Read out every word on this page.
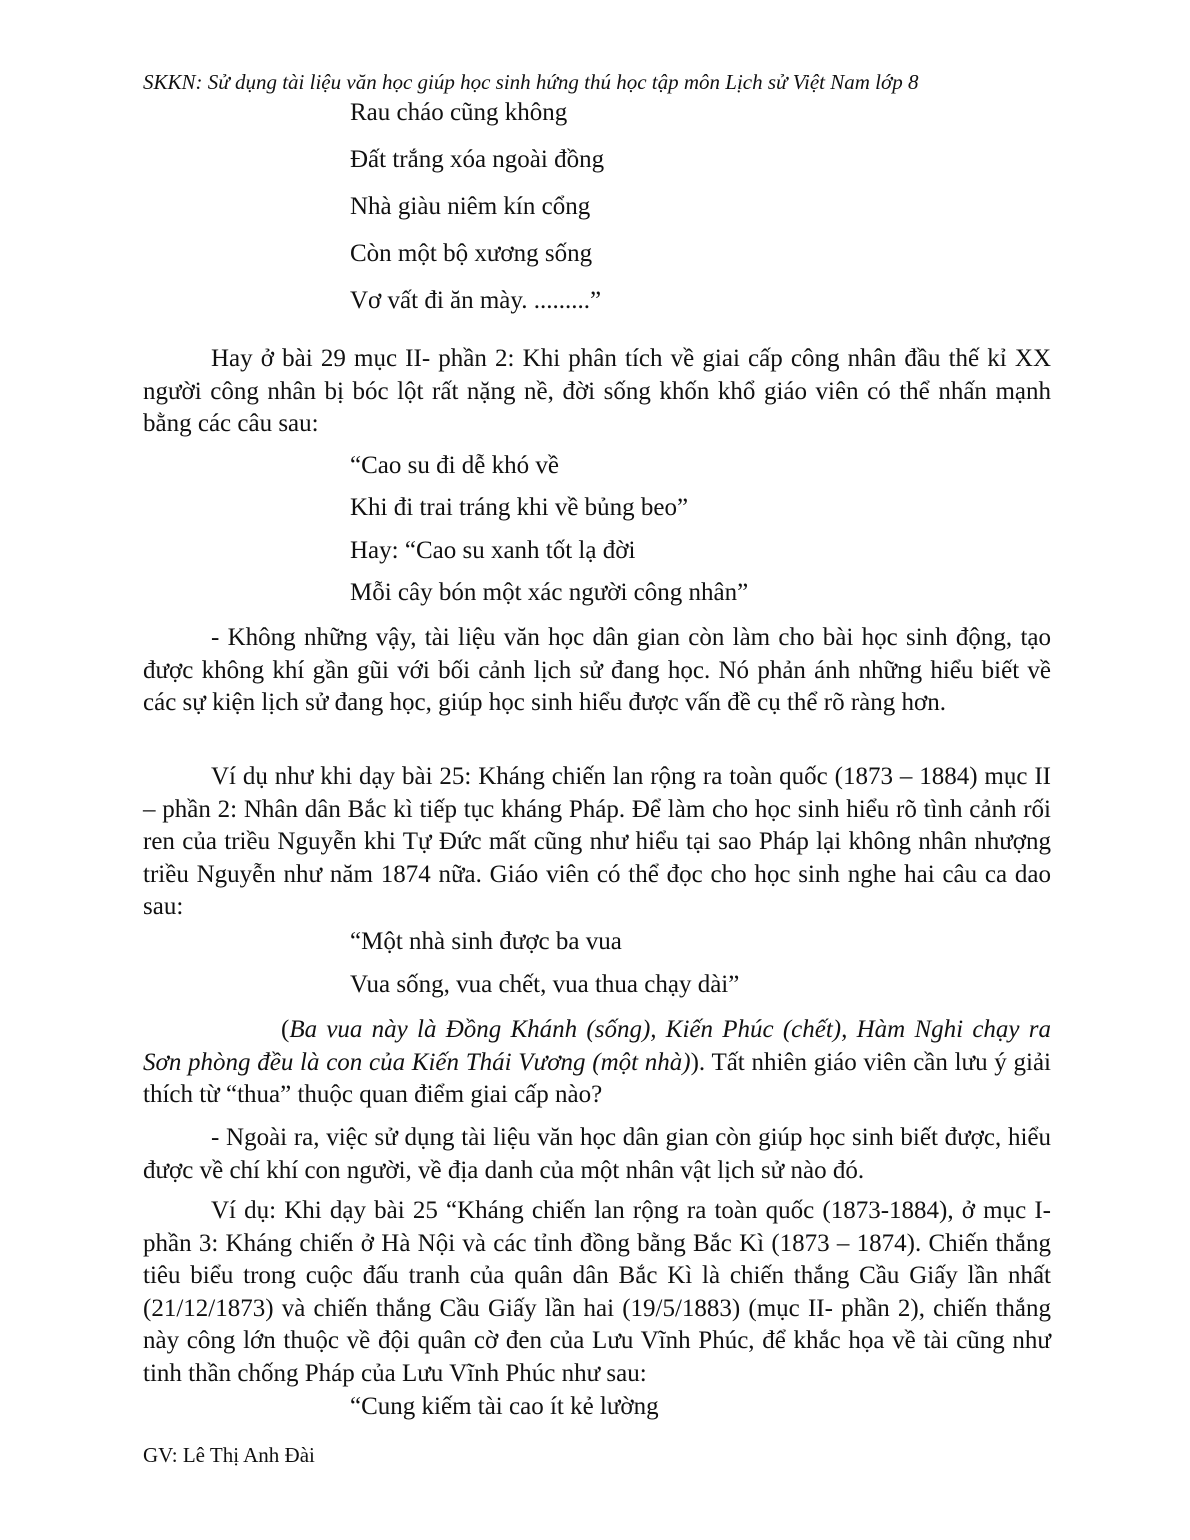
SKKN: Sử dụng tài liệu văn học giúp học sinh hứng thú học tập môn Lịch sử Việt Nam lớp 8
Rau cháo cũng không
Đất trắng xóa ngoài đồng
Nhà giàu niêm kín cổng
Còn một bộ xương sống
Vơ vất đi ăn mày. .........”
Hay ở bài 29 mục II- phần 2: Khi phân tích về giai cấp công nhân đầu thế kỉ XX người công nhân bị bóc lột rất nặng nề, đời sống khốn khổ giáo viên có thể nhấn mạnh bằng các câu sau:
“Cao su đi dễ khó về
Khi đi trai tráng khi về bủng beo”
Hay: “Cao su xanh tốt lạ đời
Mỗi cây bón một xác người công nhân”
- Không những vậy, tài liệu văn học dân gian còn làm cho bài học sinh động, tạo được không khí gần gũi với bối cảnh lịch sử đang học. Nó phản ánh những hiểu biết về các sự kiện lịch sử đang học, giúp học sinh hiểu được vấn đề cụ thể rõ ràng hơn.
Ví dụ như khi dạy bài 25: Kháng chiến lan rộng ra toàn quốc (1873 – 1884) mục II – phần 2: Nhân dân Bắc kì tiếp tục kháng Pháp. Để làm cho học sinh hiểu rõ tình cảnh rối ren của triều Nguyễn khi Tự Đức mất cũng như hiểu tại sao Pháp lại không nhân nhượng triều Nguyễn như năm 1874 nữa. Giáo viên có thể đọc cho học sinh nghe hai câu ca dao sau:
“Một nhà sinh được ba vua
Vua sống, vua chết, vua thua chạy dài”
(Ba vua này là Đồng Khánh (sống), Kiến Phúc (chết), Hàm Nghi chạy ra Sơn phòng đều là con của Kiến Thái Vương (một nhà)). Tất nhiên giáo viên cần lưu ý giải thích từ “thua” thuộc quan điểm giai cấp nào?
- Ngoài ra, việc sử dụng tài liệu văn học dân gian còn giúp học sinh biết được, hiểu được về chí khí con người, về địa danh của một nhân vật lịch sử nào đó.
Ví dụ: Khi dạy bài 25 “Kháng chiến lan rộng ra toàn quốc (1873-1884), ở mục I- phần 3: Kháng chiến ở Hà Nội và các tỉnh đồng bằng Bắc Kì (1873 – 1874). Chiến thắng tiêu biểu trong cuộc đấu tranh của quân dân Bắc Kì là chiến thắng Cầu Giấy lần nhất (21/12/1873) và chiến thắng Cầu Giấy lần hai (19/5/1883) (mục II- phần 2), chiến thắng này công lớn thuộc về đội quân cờ đen của Lưu Vĩnh Phúc, để khắc họa về tài cũng như tinh thần chống Pháp của Lưu Vĩnh Phúc như sau:
“Cung kiếm tài cao ít kẻ lường
GV: Lê Thị Anh Đài
